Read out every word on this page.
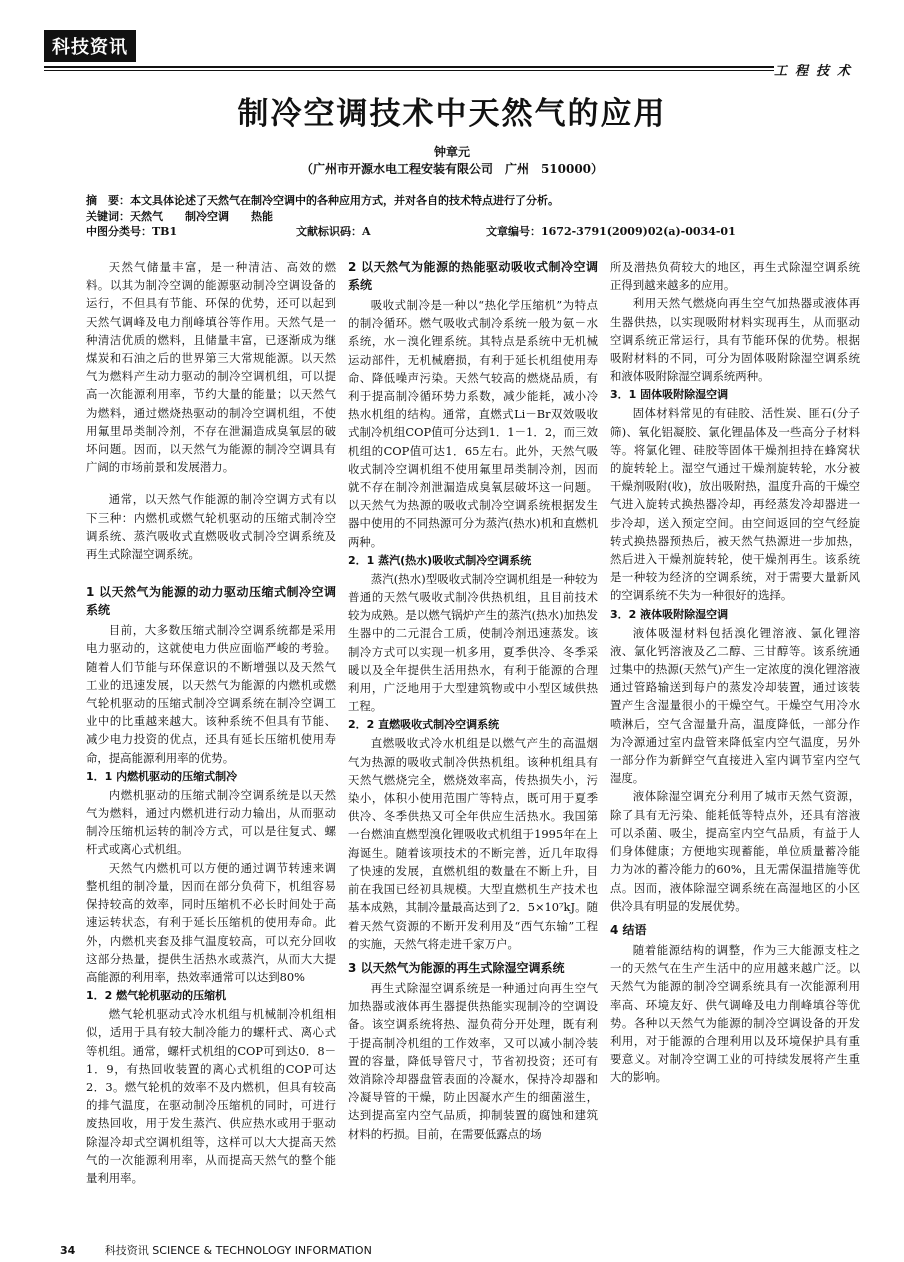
科技资讯
工程技术
制冷空调技术中天然气的应用
钟章元
（广州市开源水电工程安装有限公司　广州　510000）
摘　要：本文具体论述了天然气在制冷空调中的各种应用方式，并对各自的技术特点进行了分析。
关键词：天然气　　制冷空调　　热能
中图分类号：TB1	文献标识码：A	文章编号：1672-3791(2009)02(a)-0034-01

天然气储量丰富，是一种清洁、高效的燃料。以其为制冷空调的能源驱动制冷空调设备的运行，不但具有节能、环保的优势，还可以起到天然气调峰及电力削峰填谷等作用。天然气是一种清洁优质的燃料，且储量丰富，已逐渐成为继煤炭和石油之后的世界第三大常规能源。以天然气为燃料产生动力驱动的制冷空调机组，可以提高一次能源利用率，节约大量的能量；以天然气为燃料，通过燃烧热驱动的制冷空调机组，不使用氟里昂类制冷剂，不存在泄漏造成臭氧层的破坏问题。因而，以天然气为能源的制冷空调具有广阔的市场前景和发展潜力。

通常，以天然气作能源的制冷空调方式有以下三种：内燃机或燃气轮机驱动的压缩式制冷空调系统、蒸汽吸收式直燃吸收式制冷空调系统及再生式除湿空调系统。

1 以天然气为能源的动力驱动压缩式制冷空调系统

目前，大多数压缩式制冷空调系统都是采用电力驱动的，这就使电力供应面临严峻的考验。随着人们节能与环保意识的不断增强以及天然气工业的迅速发展，以天然气为能源的内燃机或燃气轮机驱动的压缩式制冷空调系统在制冷空调工业中的比重越来越大。该种系统不但具有节能、减少电力投资的优点，还具有延长压缩机使用寿命，提高能源利用率的优势。

1．1 内燃机驱动的压缩式制冷

内燃机驱动的压缩式制冷空调系统是以天然气为燃料，通过内燃机进行动力输出，从而驱动制冷压缩机运转的制冷方式，可以是往复式、螺杆式或离心式机组。

天然气内燃机可以方便的通过调节转速来调整机组的制冷量，因而在部分负荷下，机组容易保持较高的效率，同时压缩机不必长时间处于高速运转状态，有利于延长压缩机的使用寿命。此外，内燃机夹套及排气温度较高，可以充分回收这部分热量，提供生活热水或蒸汽，从而大大提高能源的利用率，热效率通常可以达到80%

1．2 燃气轮机驱动的压缩机

燃气轮机驱动式冷水机组与机械制冷机组相似，适用于具有较大制冷能力的螺杆式、离心式等机组。通常，螺杆式机组的COP可到达0．8－1．9，有热回收装置的离心式机组的COP可达2．3。燃气轮机的效率不及内燃机，但具有较高的排气温度，在驱动制冷压缩机的同时，可进行废热回收，用于发生蒸汽、供应热水或用于驱动除湿冷却式空调机组等，这样可以大大提高天然气的一次能源利用率，从而提高天然气的整个能量利用率。

2 以天然气为能源的热能驱动吸收式制冷空调系统

吸收式制冷是一种以“热化学压缩机”为特点的制冷循环。燃气吸收式制冷系统一般为氨－水系统，水－溴化锂系统。其特点是系统中无机械运动部件，无机械磨损，有利于延长机组使用寿命、降低噪声污染。天然气较高的燃烧品质，有利于提高制冷循环势力系数，减少能耗，减小冷热水机组的结构。通常，直燃式Li－Br双效吸收式制冷机组COP值可分达到1．1－1．2，而三效机组的COP值可达1．65左右。此外，天然气吸收式制冷空调机组不使用氟里昂类制冷剂，因而就不存在制冷剂泄漏造成臭氧层破坏这一问题。以天然气为热源的吸收式制冷空调系统根据发生器中使用的不同热源可分为蒸汽(热水)机和直燃机两种。

2．1 蒸汽(热水)吸收式制冷空调系统

蒸汽(热水)型吸收式制冷空调机组是一种较为普通的天然气吸收式制冷供热机组，且目前技术较为成熟。是以燃气锅炉产生的蒸汽(热水)加热发生器中的二元混合工质，使制冷剂迅速蒸发。该制冷方式可以实现一机多用，夏季供冷、冬季采暖以及全年提供生活用热水，有利于能源的合理利用，广泛地用于大型建筑物或中小型区域供热工程。

2．2 直燃吸收式制冷空调系统

直燃吸收式冷水机组是以燃气产生的高温烟气为热源的吸收式制冷供热机组。该种机组具有天然气燃烧完全，燃烧效率高，传热损失小，污染小，体积小使用范围广等特点，既可用于夏季供冷、冬季供热又可全年供应生活热水。我国第一台燃油直燃型溴化锂吸收式机组于1995年在上海诞生。随着该项技术的不断完善，近几年取得了快速的发展，直燃机组的数量在不断上升，目前在我国已经初具规模。大型直燃机生产技术也基本成熟，其制冷量最高达到了2．5×10⁷kJ。随着天然气资源的不断开发利用及“西气东输”工程的实施，天然气将走进千家万户。

3 以天然气为能源的再生式除湿空调系统

再生式除湿空调系统是一种通过向再生空气加热器或液体再生器提供热能实现制冷的空调设备。该空调系统将热、湿负荷分开处理，既有利于提高制冷机组的工作效率，又可以减小制冷装置的容量，降低导管尺寸，节省初投资；还可有效消除冷却器盘管表面的冷凝水，保持冷却器和冷凝导管的干燥，防止因凝水产生的细菌滋生，达到提高室内空气品质，抑制装置的腐蚀和建筑材料的朽损。目前，在需要低露点的场

所及潜热负荷较大的地区，再生式除湿空调系统正得到越来越多的应用。

利用天然气燃烧向再生空气加热器或液体再生器供热，以实现吸附材料实现再生，从而驱动空调系统正常运行，具有节能环保的优势。根据吸附材料的不同，可分为固体吸附除湿空调系统和液体吸附除湿空调系统两种。

3．1 固体吸附除湿空调

固体材料常见的有硅胶、活性炭、匪石(分子筛)、氧化铝凝胶、氯化锂晶体及一些高分子材料等。将氯化锂、硅胶等固体干燥剂担持在蜂窝状的旋转轮上。湿空气通过干燥剂旋转轮，水分被干燥剂吸附(收)，放出吸附热，温度升高的干燥空气进入旋转式换热器冷却，再经蒸发冷却器进一步冷却，送入预定空间。由空间返回的空气经旋转式换热器预热后，被天然气热源进一步加热，然后进入干燥剂旋转轮，使干燥剂再生。该系统是一种较为经济的空调系统，对于需要大量新风的空调系统不失为一种很好的选择。

3．2 液体吸附除湿空调

液体吸湿材料包括溴化锂溶液、氯化锂溶液、氯化钙溶液及乙二醇、三甘醇等。该系统通过集中的热源(天然气)产生一定浓度的溴化锂溶液通过管路输送到每户的蒸发冷却装置，通过该装置产生含湿量很小的干燥空气。干燥空气用冷水喷淋后，空气含湿量升高，温度降低，一部分作为冷源通过室内盘管来降低室内空气温度，另外一部分作为新鲜空气直接进入室内调节室内空气湿度。

液体除湿空调充分利用了城市天然气资源，除了具有无污染、能耗低等特点外，还具有溶液可以杀菌、吸尘，提高室内空气品质，有益于人们身体健康；方便地实现蓄能，单位质量蓄冷能力为冰的蓄冷能力的60%，且无需保温措施等优点。因而，液体除湿空调系统在高湿地区的小区供冷具有明显的发展优势。

4 结语

随着能源结构的调整，作为三大能源支柱之一的天然气在生产生活中的应用越来越广泛。以天然气为能源的制冷空调系统具有一次能源利用率高、环境友好、供气调峰及电力削峰填谷等优势。各种以天然气为能源的制冷空调设备的开发利用，对于能源的合理利用以及环境保护具有重要意义。对制冷空调工业的可持续发展将产生重大的影响。

34	科技资讯 SCIENCE & TECHNOLOGY INFORMATION
